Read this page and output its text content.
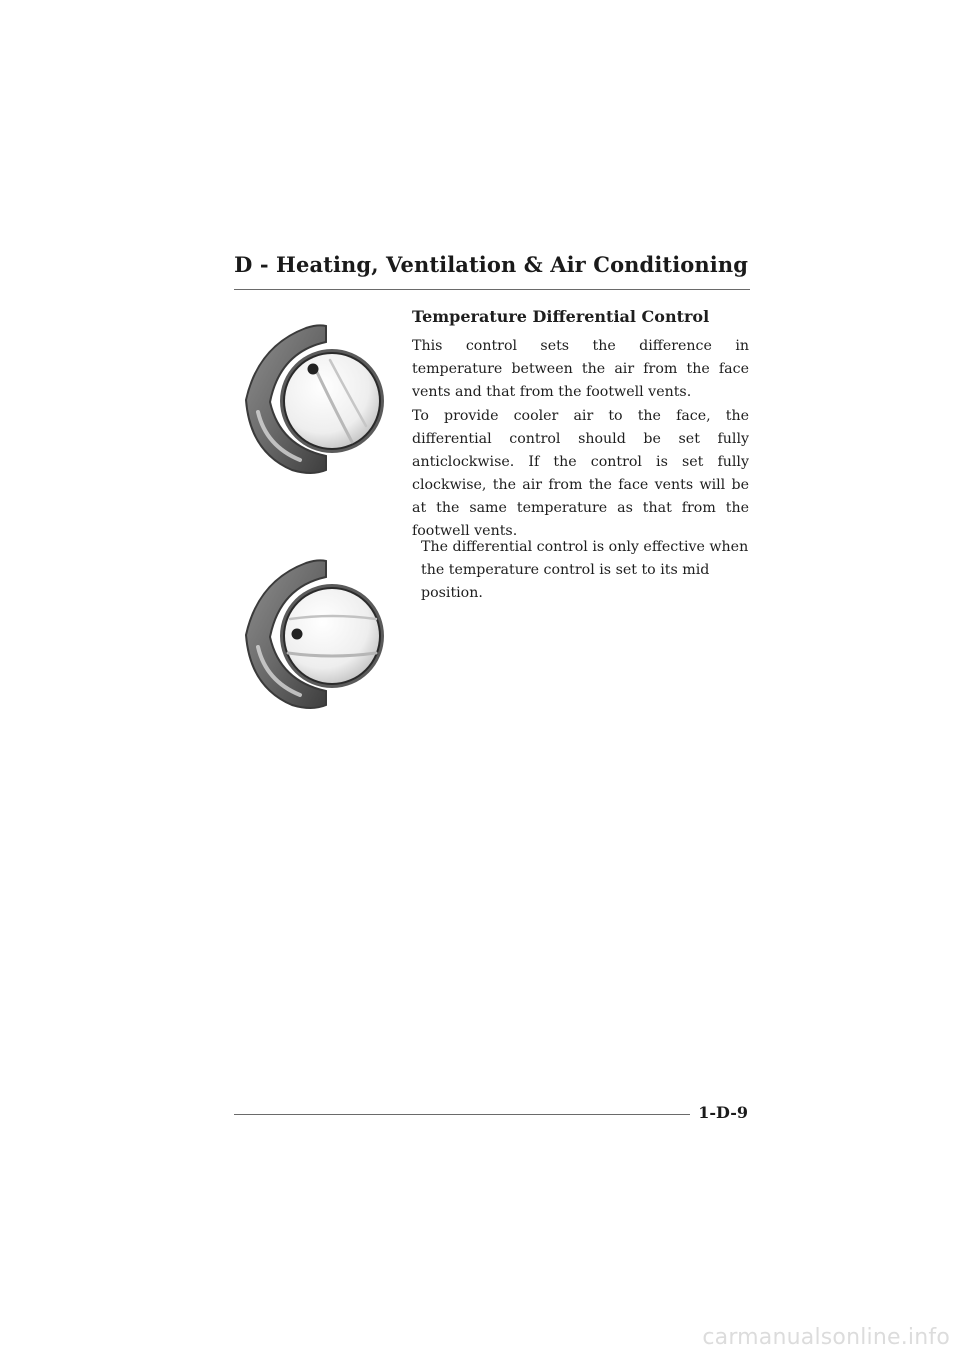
D - Heating, Ventilation & Air Conditioning
Temperature Differential Control

This control sets the difference in temperature between the air from the face vents and that from the footwell vents.

To provide cooler air to the face, the differential control should be set fully anticlockwise. If the control is set fully clockwise, the air from the face vents will be at the same temperature as that from the footwell vents.

The differential control is only effective when the temperature control is set to its mid position.

1-D-9
carmanualsonline.info
